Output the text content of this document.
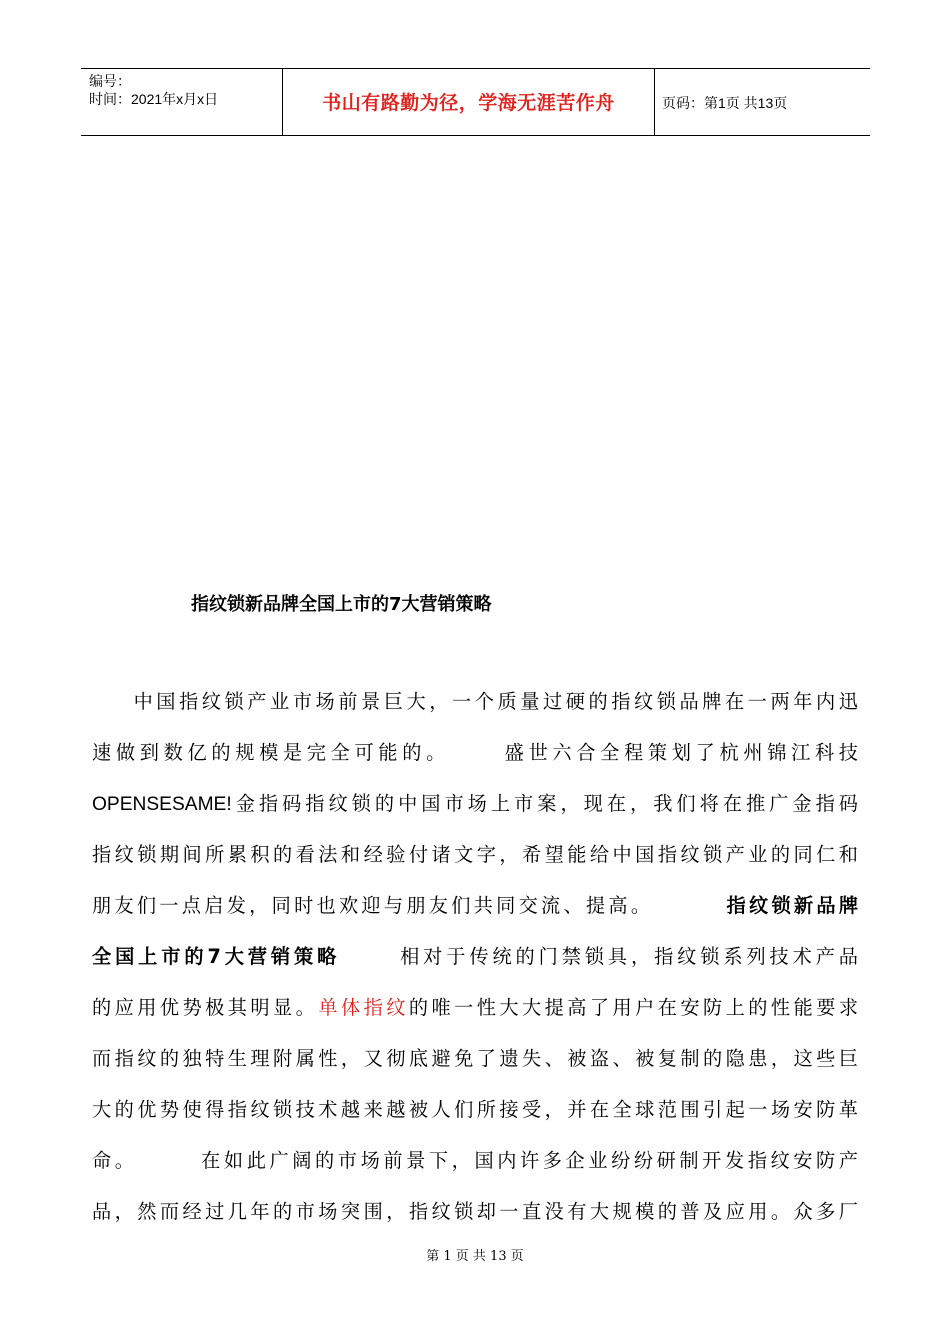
编号：
时间：2021年x月x日	书山有路勤为径，学海无涯苦作舟	页码：第1页 共13页
指纹锁新品牌全国上市的7大营销策略
中国指纹锁产业市场前景巨大，一个质量过硬的指纹锁品牌在一两年内迅
速做到数亿的规模是完全可能的。	盛世六合全程策划了杭州锦江科技
OPENSESAME!金指码指纹锁的中国市场上市案，现在，我们将在推广金指码
指纹锁期间所累积的看法和经验付诸文字，希望能给中国指纹锁产业的同仁和
朋友们一点启发，同时也欢迎与朋友们共同交流、提高。	指纹锁新品牌
全国上市的7大营销策略	相对于传统的门禁锁具，指纹锁系列技术产品
的应用优势极其明显。单体指纹的唯一性大大提高了用户在安防上的性能要求
而指纹的独特生理附属性，又彻底避免了遗失、被盗、被复制的隐患，这些巨
大的优势使得指纹锁技术越来越被人们所接受，并在全球范围引起一场安防革
命。	在如此广阔的市场前景下，国内许多企业纷纷研制开发指纹安防产
品，然而经过几年的市场突围，指纹锁却一直没有大规模的普及应用。众多厂
第 1 页 共 13 页
